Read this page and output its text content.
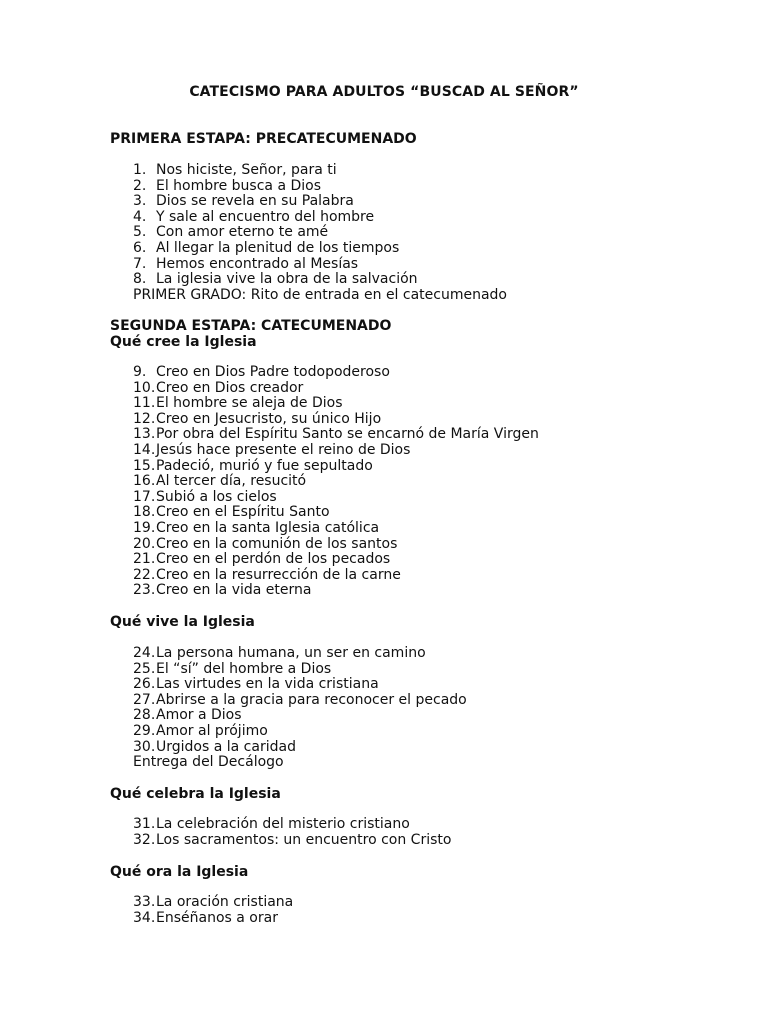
CATECISMO PARA ADULTOS “BUSCAD AL SEÑOR”
PRIMERA ESTAPA: PRECATECUMENADO
1. Nos hiciste, Señor, para ti
2. El hombre busca a Dios
3. Dios se revela en su Palabra
4. Y sale al encuentro del hombre
5. Con amor eterno te amé
6. Al llegar la plenitud de los tiempos
7. Hemos encontrado al Mesías
8. La iglesia vive la obra de la salvación
PRIMER GRADO: Rito de entrada en el catecumenado
SEGUNDA ESTAPA: CATECUMENADO
Qué cree la Iglesia
9. Creo en Dios Padre todopoderoso
10. Creo en Dios creador
11. El hombre se aleja de Dios
12. Creo en Jesucristo, su único Hijo
13. Por obra del Espíritu Santo se encarnó de María Virgen
14. Jesús hace presente el reino de Dios
15. Padeció, murió y fue sepultado
16. Al tercer día, resucitó
17. Subió a los cielos
18. Creo en el Espíritu Santo
19. Creo en la santa Iglesia católica
20. Creo en la comunión de los santos
21. Creo en el perdón de los pecados
22. Creo en la resurrección de la carne
23. Creo en la vida eterna
Qué vive la Iglesia
24. La persona humana, un ser en camino
25. El “sí” del hombre a Dios
26. Las virtudes en la vida cristiana
27. Abrirse a la gracia para reconocer el pecado
28. Amor a Dios
29. Amor al prójimo
30. Urgidos a la caridad
Entrega del Decálogo
Qué celebra la Iglesia
31. La celebración del misterio cristiano
32. Los sacramentos: un encuentro con Cristo
Qué ora la Iglesia
33. La oración cristiana
34. Enséñanos a orar
